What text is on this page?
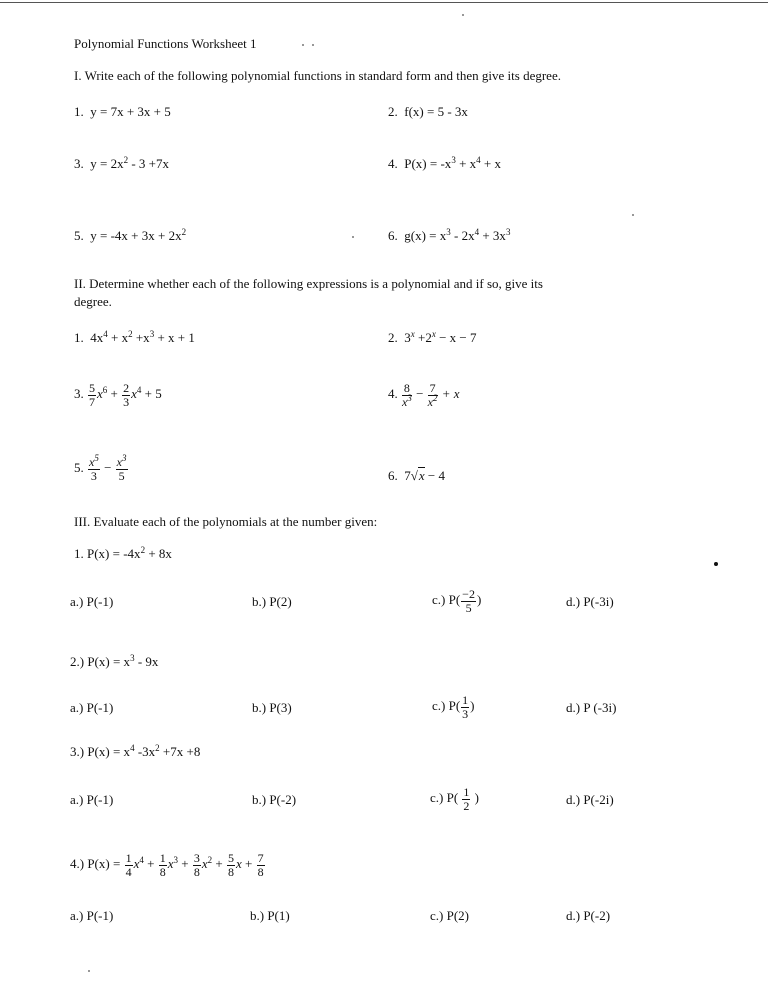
Polynomial Functions Worksheet 1
I. Write each of the following polynomial functions in standard form and then give its degree.
1. y = 7x + 3x + 5	2. f(x) = 5 - 3x
3. $y = 2x^2 - 3 +7x$	4. $P(x) = -x^3 + x^4 + x$
5. $y = -4x + 3x + 2x^2$	6. $g(x) = x^3 - 2x^4 + 3x^3$
II. Determine whether each of the following expressions is a polynomial and if so, give its
degree.
1. $4x^4 + x^2 +x^3 + x + 1$	2. $3^x +2^x - x - 7$
3. $\frac{5}{7} x^6 + \frac{2}{3} x^4 + 5$	4. $\frac{8}{x^3} - \frac{7}{x^2} + x$
5. $\frac{x^5}{3} - \frac{x^3}{5}$	6. 7√x − 4
III. Evaluate each of the polynomials at the number given:
1. $P(x) = -4x^2 + 8x$
a.) P(-1)	b.) P(2)	c.) $P( \frac{-2}{5}$ )	d.) P(-3i)
2.) $P(x) = x^3 - 9x$
a.) P(-1)	b.) P(3)	c.) $P( \frac{1}{3}$ )	d.) P (-3i)
3.) $P(x) = x^4$ $-3x^2 +7x +8$
a.) P(-1)	b.) P(-2)	c.) $P( \frac{1}{2}$ )	d.) P(-2i)
4.) $P(x) = \frac{1}{4} x^4 + \frac{1}{8} x^3 + \frac{3}{8} x^2 + \frac{5}{8}$ $x + \frac{7}{8}$
a.) P(-1)	b.) P(1)	c.) P(2)	d.) P(-2)
